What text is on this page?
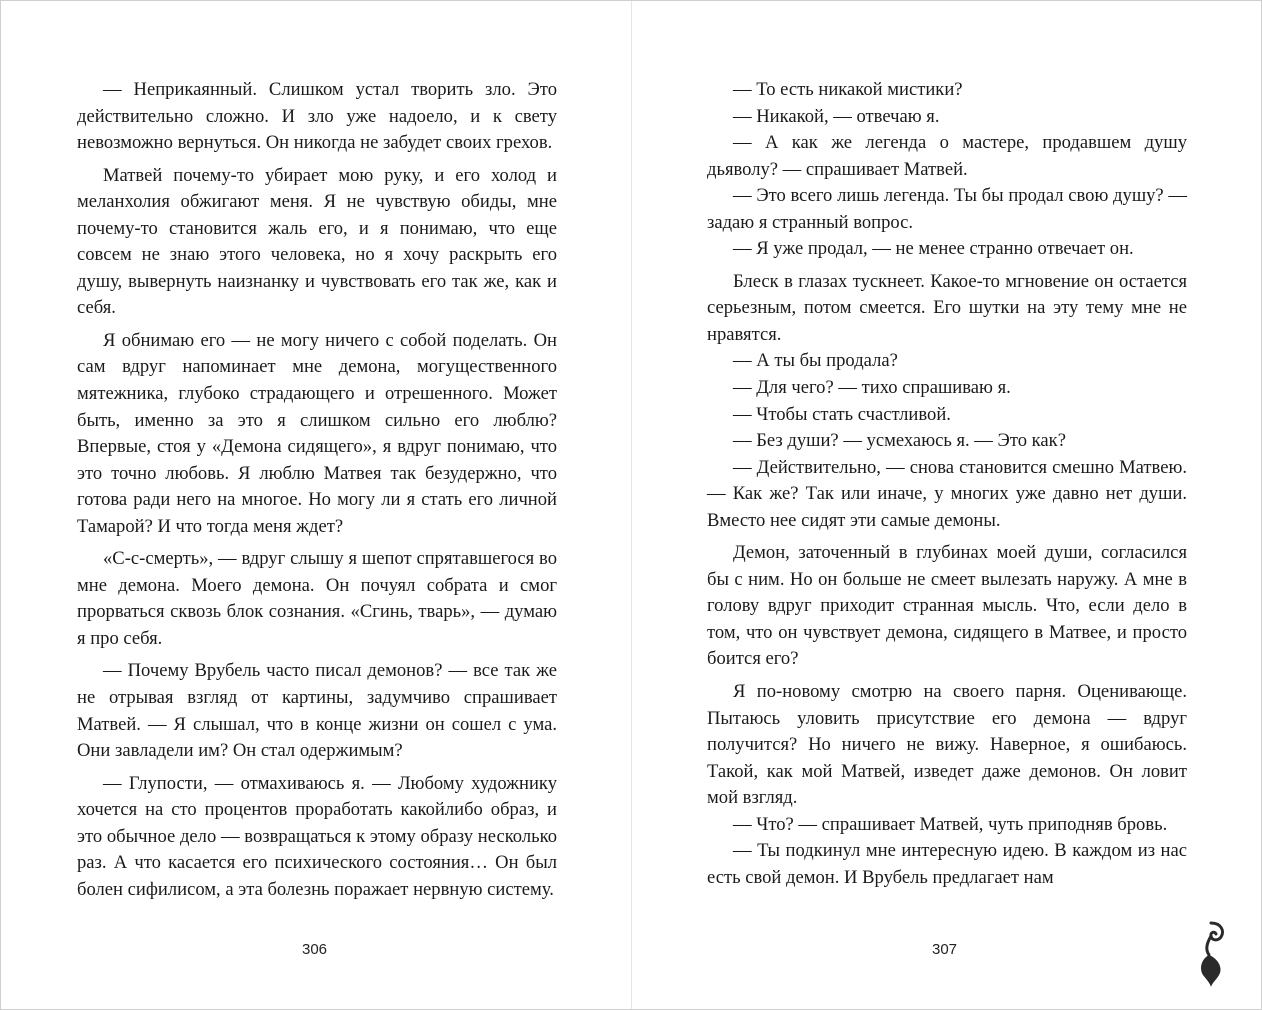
— Неприкаянный. Слишком устал творить зло. Это действительно сложно. И зло уже надоело, и к свету невозможно вернуться. Он никогда не забудет своих грехов.

Матвей почему-то убирает мою руку, и его холод и меланхолия обжигают меня. Я не чувствую обиды, мне почему-то становится жаль его, и я понимаю, что еще совсем не знаю этого человека, но я хочу раскрыть его душу, вывернуть наизнанку и чувствовать его так же, как и себя.

Я обнимаю его — не могу ничего с собой поделать. Он сам вдруг напоминает мне демона, могущественного мятежника, глубоко страдающего и отрешенного. Может быть, именно за это я слишком сильно его люблю? Впервые, стоя у «Демона сидящего», я вдруг понимаю, что это точно любовь. Я люблю Матвея так безудержно, что готова ради него на многое. Но могу ли я стать его личной Тамарой? И что тогда меня ждет?

«С-с-смерть», — вдруг слышу я шепот спрятавшегося во мне демона. Моего демона. Он почуял собрата и смог прорваться сквозь блок сознания. «Сгинь, тварь», — думаю я про себя.

— Почему Врубель часто писал демонов? — все так же не отрывая взгляд от картины, задумчиво спрашивает Матвей. — Я слышал, что в конце жизни он сошел с ума. Они завладели им? Он стал одержимым?

— Глупости, — отмахиваюсь я. — Любому художнику хочется на сто процентов проработать какойлибо образ, и это обычное дело — возвращаться к этому образу несколько раз. А что касается его психического состояния… Он был болен сифилисом, а эта болезнь поражает нервную систему.

306

— То есть никакой мистики?

— Никакой, — отвечаю я.

— А как же легенда о мастере, продавшем душу дьяволу? — спрашивает Матвей.

— Это всего лишь легенда. Ты бы продал свою душу? — задаю я странный вопрос.

— Я уже продал, — не менее странно отвечает он.

Блеск в глазах тускнеет. Какое-то мгновение он остается серьезным, потом смеется. Его шутки на эту тему мне не нравятся.

— А ты бы продала?

— Для чего? — тихо спрашиваю я.

— Чтобы стать счастливой.

— Без души? — усмехаюсь я. — Это как?

— Действительно, — снова становится смешно Матвею. — Как же? Так или иначе, у многих уже давно нет души. Вместо нее сидят эти самые демоны.

Демон, заточенный в глубинах моей души, согласился бы с ним. Но он больше не смеет вылезать наружу. А мне в голову вдруг приходит странная мысль. Что, если дело в том, что он чувствует демона, сидящего в Матвее, и просто боится его?

Я по-новому смотрю на своего парня. Оценивающе. Пытаюсь уловить присутствие его демона — вдруг получится? Но ничего не вижу. Наверное, я ошибаюсь. Такой, как мой Матвей, изведет даже демонов. Он ловит мой взгляд.

— Что? — спрашивает Матвей, чуть приподняв бровь.

— Ты подкинул мне интересную идею. В каждом из нас есть свой демон. И Врубель предлагает нам

307
